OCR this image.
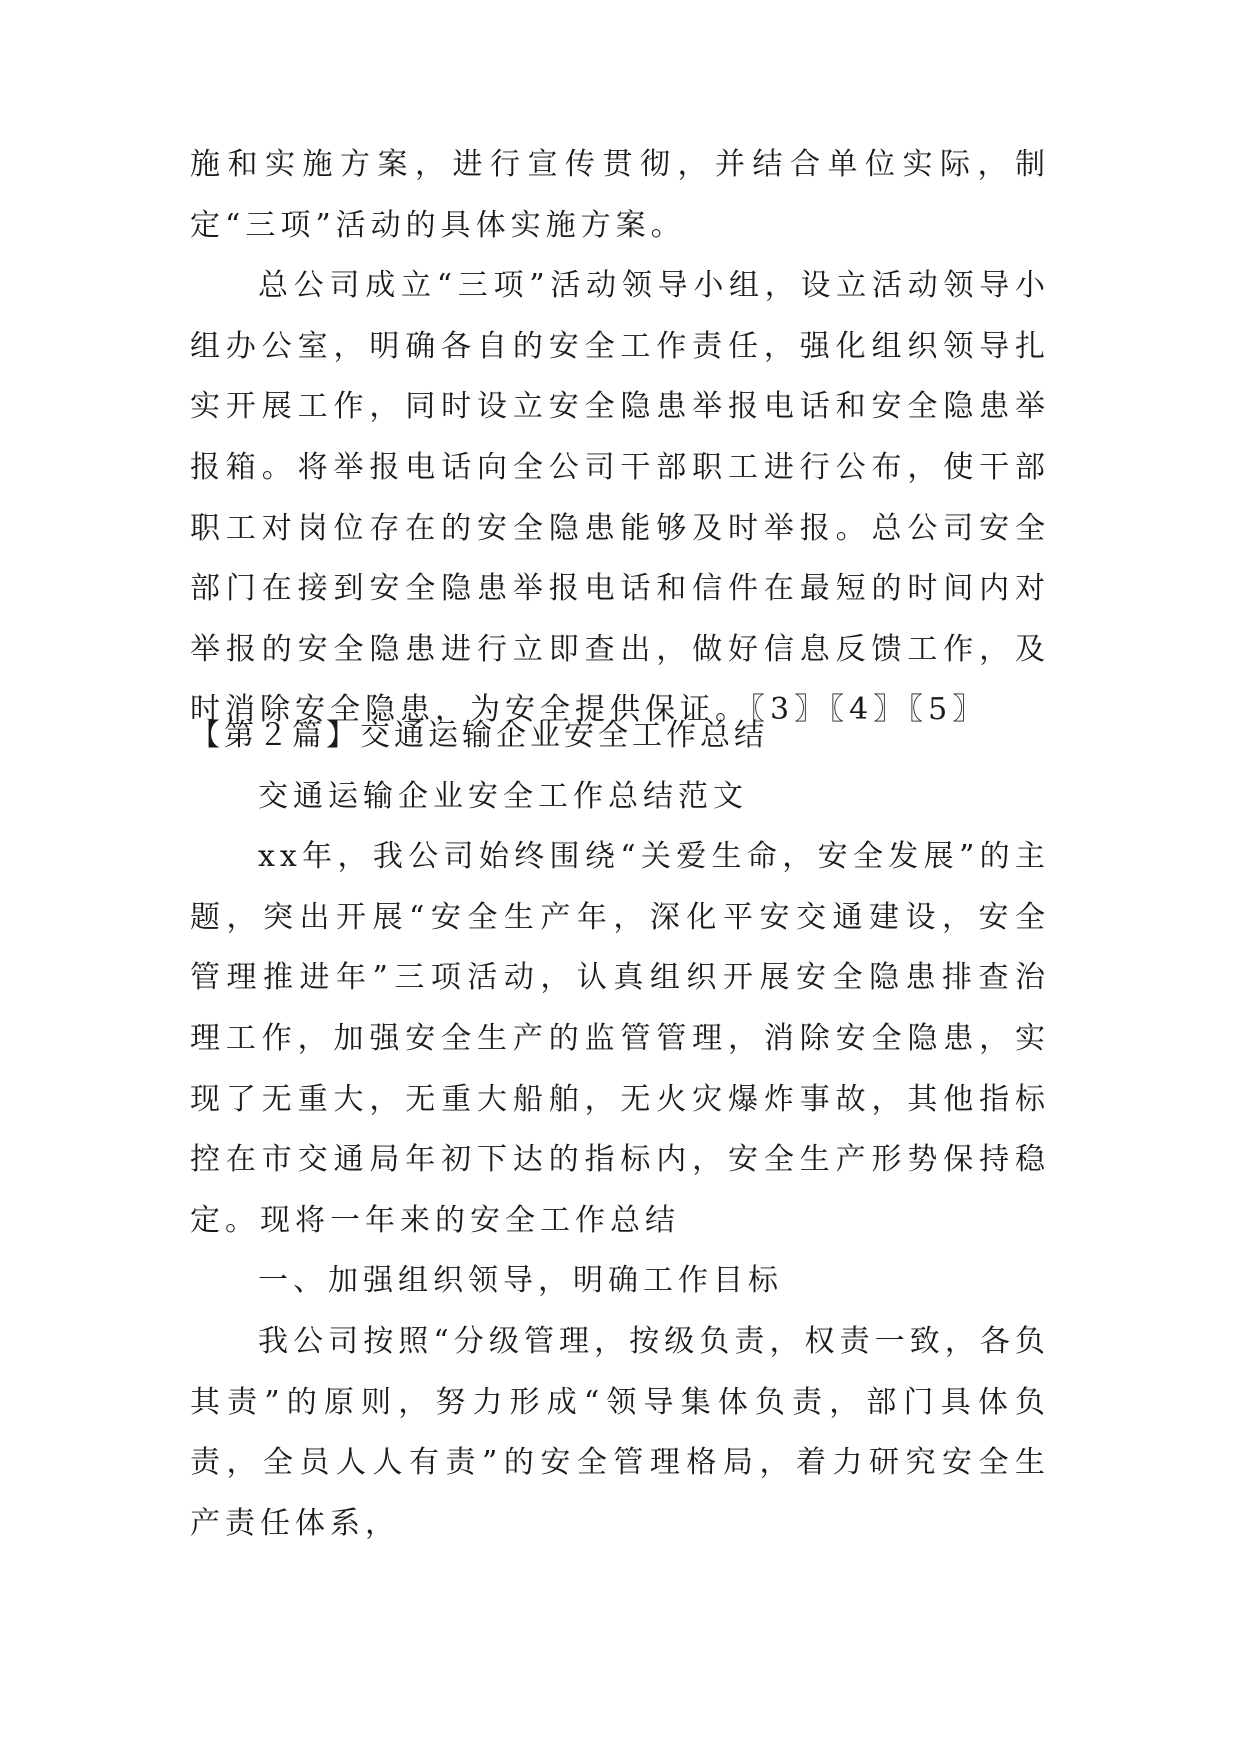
施和实施方案，进行宣传贯彻，并结合单位实际，制定“三项”活动的具体实施方案。

总公司成立“三项”活动领导小组，设立活动领导小组办公室，明确各自的安全工作责任，强化组织领导扎实开展工作，同时设立安全隐患举报电话和安全隐患举报箱。将举报电话向全公司干部职工进行公布，使干部职工对岗位存在的安全隐患能够及时举报。总公司安全部门在接到安全隐患举报电话和信件在最短的时间内对举报的安全隐患进行立即查出，做好信息反馈工作，及时消除安全隐患，为安全提供保证。〖3〗〖4〗〖5〗

【第２篇】交通运输企业安全工作总结

交通运输企业安全工作总结范文

xx年，我公司始终围绕“关爱生命，安全发展”的主题，突出开展“安全生产年，深化平安交通建设，安全管理推进年”三项活动，认真组织开展安全隐患排查治理工作，加强安全生产的监管管理，消除安全隐患，实现了无重大，无重大船舶，无火灾爆炸事故，其他指标控在市交通局年初下达的指标内，安全生产形势保持稳定。现将一年来的安全工作总结

一、加强组织领导，明确工作目标

我公司按照“分级管理，按级负责，权责一致，各负其责”的原则，努力形成“领导集体负责，部门具体负责，全员人人有责”的安全管理格局，着力研究安全生产责任体系，
